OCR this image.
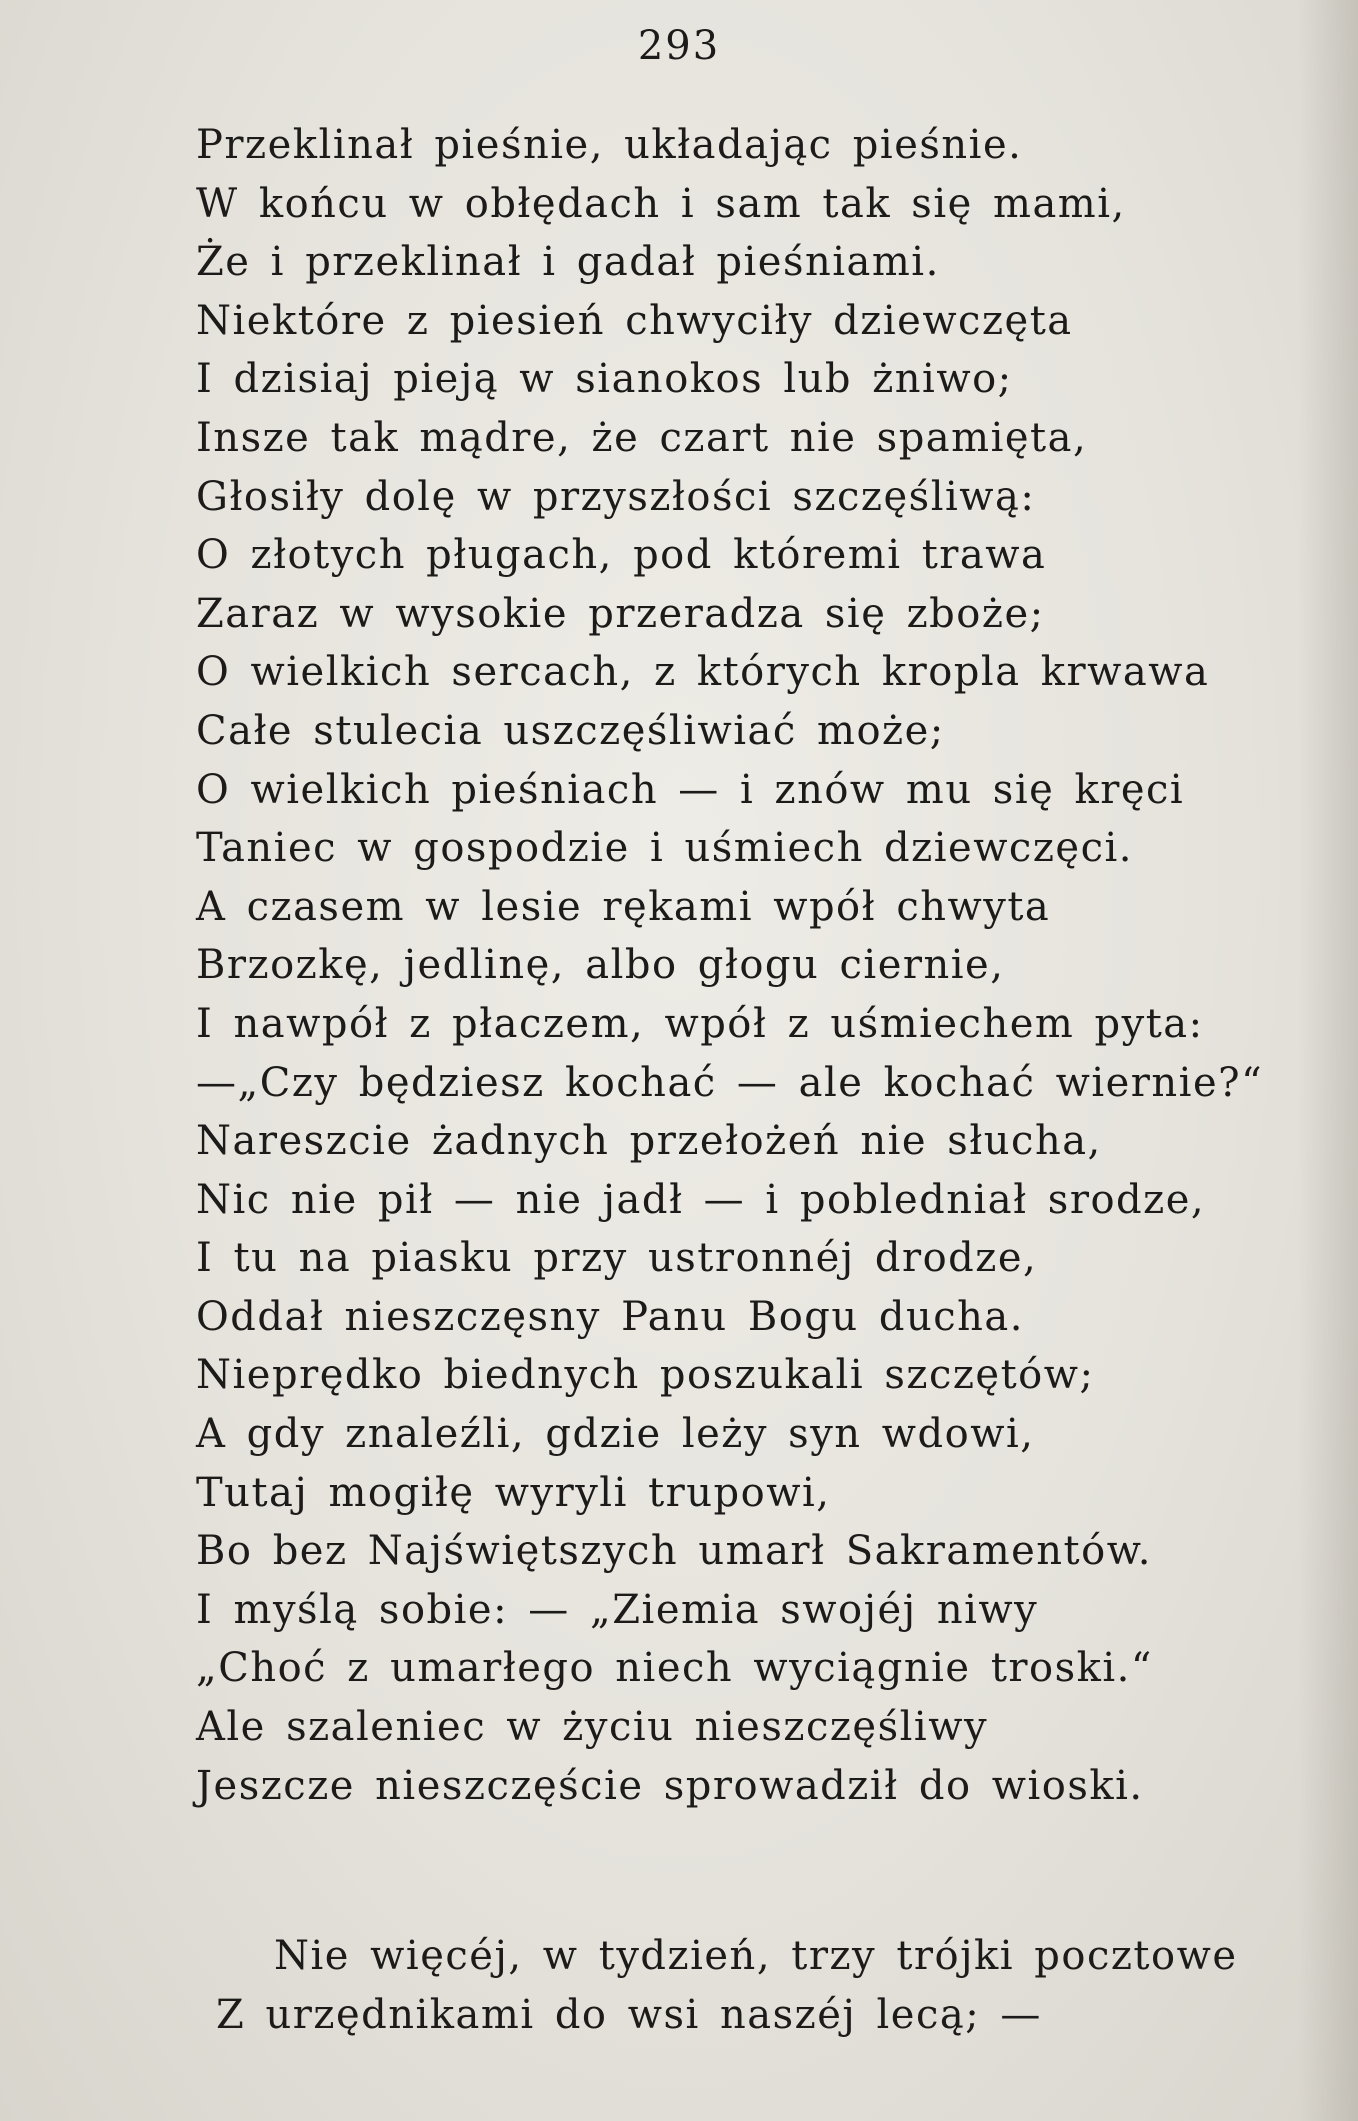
293
Przeklinał pieśnie, układając pieśnie.
W końcu w obłędach i sam tak się mami,
Że i przeklinał i gadał pieśniami.
Niektóre z piesień chwyciły dziewczęta
I dzisiaj pieją w sianokos lub żniwo;
Insze tak mądre, że czart nie spamięta,
Głosiły dolę w przyszłości szczęśliwą:
O złotych pługach, pod któremi trawa
Zaraz w wysokie przeradza się zboże;
O wielkich sercach, z których kropla krwawa
Całe stulecia uszczęśliwiać może;
O wielkich pieśniach — i znów mu się kręci
Taniec w gospodzie i uśmiech dziewczęci.
A czasem w lesie rękami wpół chwyta
Brzozkę, jedlinę, albo głogu ciernie,
I nawpół z płaczem, wpół z uśmiechem pyta:
—„Czy będziesz kochać — ale kochać wiernie?“
Nareszcie żadnych przełożeń nie słucha,
Nic nie pił — nie jadł — i pobledniał srodze,
I tu na piasku przy ustronnéj drodze,
Oddał nieszczęsny Panu Bogu ducha.
Nieprędko biednych poszukali szczętów;
A gdy znaleźli, gdzie leży syn wdowi,
Tutaj mogiłę wyryli trupowi,
Bo bez Najświętszych umarł Sakramentów.
I myślą sobie: — „Ziemia swojéj niwy
„Choć z umarłego niech wyciągnie troski.“
Ale szaleniec w życiu nieszczęśliwy
Jeszcze nieszczęście sprowadził do wioski.
Nie więcéj, w tydzień, trzy trójki pocztowe
Z urzędnikami do wsi naszéj lecą; —
